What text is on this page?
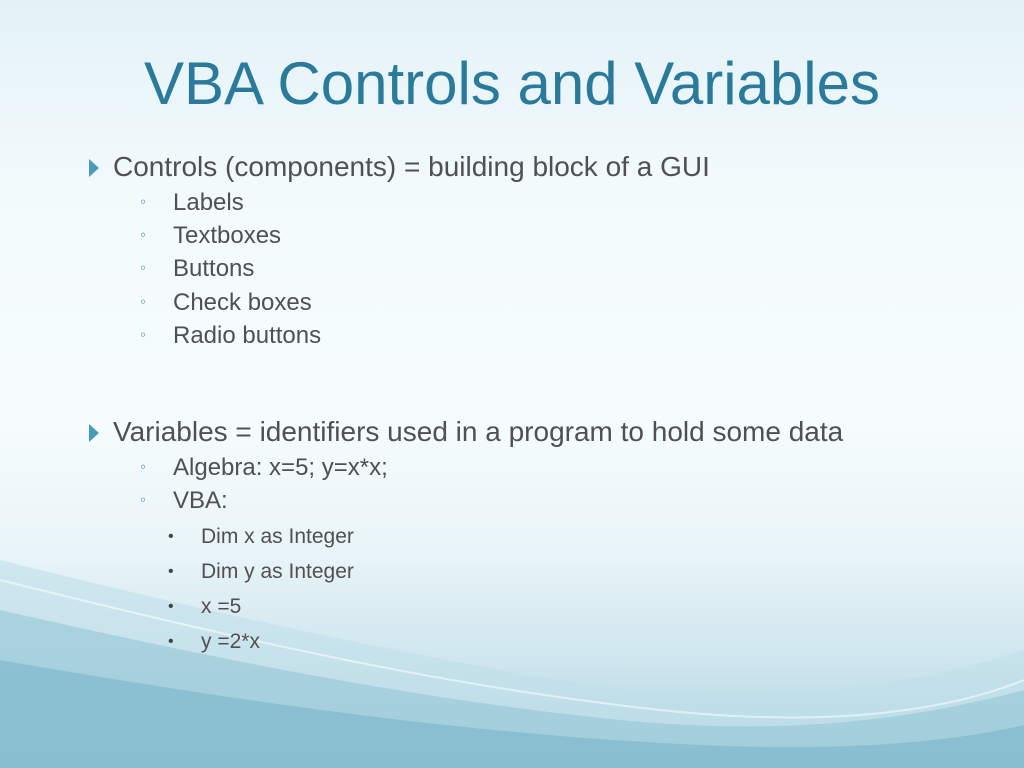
VBA Controls and Variables
Controls (components) = building block of a GUI
◦ Labels
◦ Textboxes
◦ Buttons
◦ Check boxes
◦ Radio buttons
Variables = identifiers used in a program to hold some data
◦ Algebra: x=5; y=x*x;
◦ VBA:
• Dim x as Integer
• Dim y as Integer
• x =5
• y =2*x
